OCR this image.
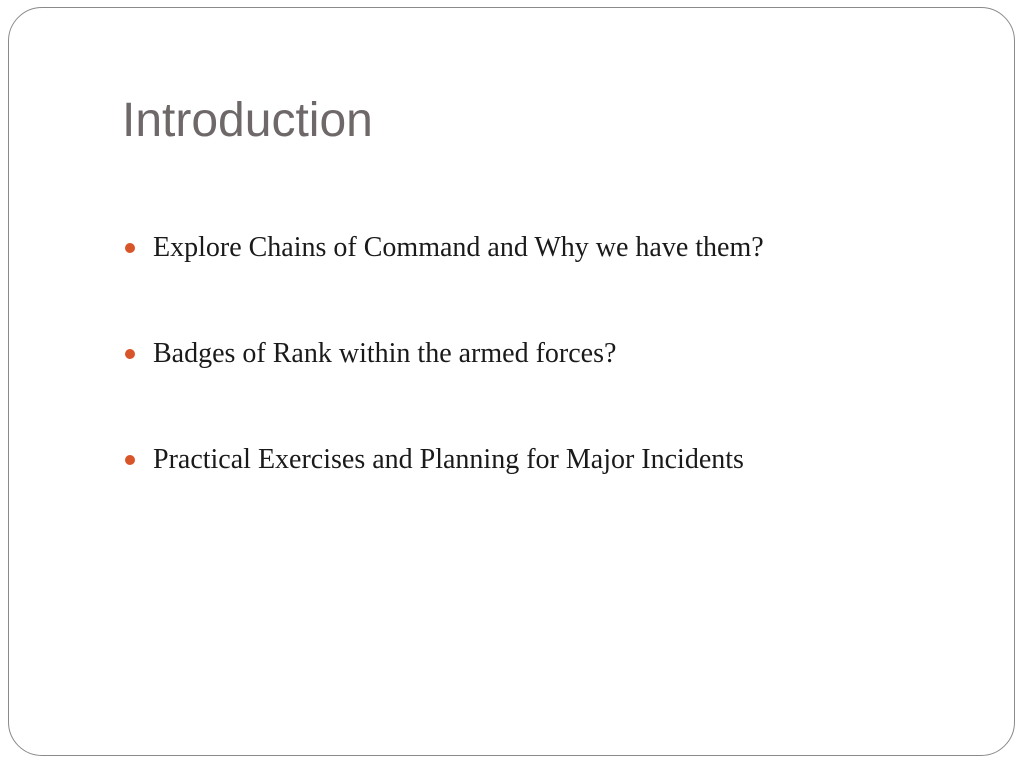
Introduction
Explore Chains of Command and Why we have them?
Badges of Rank within the armed forces?
Practical Exercises and Planning for Major Incidents
